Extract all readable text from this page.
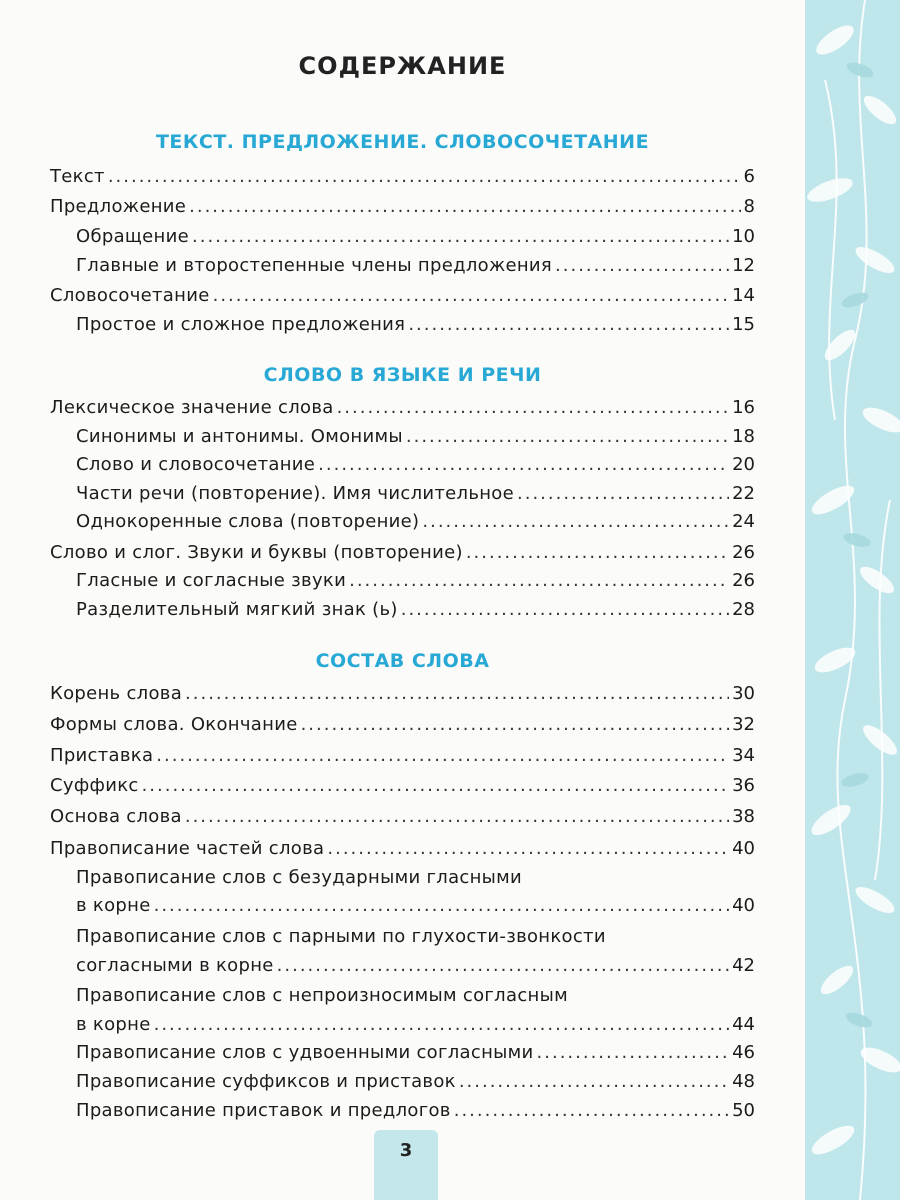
СОДЕРЖАНИЕ
ТЕКСТ. ПРЕДЛОЖЕНИЕ. СЛОВОСОЧЕТАНИЕ
Текст .....	6
Предложение .....	8
Обращение .....	10
Главные и второстепенные члены предложения .....	12
Словосочетание .....	14
Простое и сложное предложения .....	15
СЛОВО В ЯЗЫКЕ И РЕЧИ
Лексическое значение слова .....	16
Синонимы и антонимы. Омонимы .....	18
Слово и словосочетание .....	20
Части речи (повторение). Имя числительное .....	22
Однокоренные слова (повторение) .....	24
Слово и слог. Звуки и буквы (повторение) .....	26
Гласные и согласные звуки .....	26
Разделительный мягкий знак (ь) .....	28
СОСТАВ СЛОВА
Корень слова .....	30
Формы слова. Окончание .....	32
Приставка .....	34
Суффикс .....	36
Основа слова .....	38
Правописание частей слова .....	40
Правописание слов с безударными гласными
в корне .....	40
Правописание слов с парными по глухости-звонкости
согласными в корне .....	42
Правописание слов с непроизносимым согласным
в корне .....	44
Правописание слов с удвоенными согласными .....	46
Правописание суффиксов и приставок .....	48
Правописание приставок и предлогов .....	50
3
